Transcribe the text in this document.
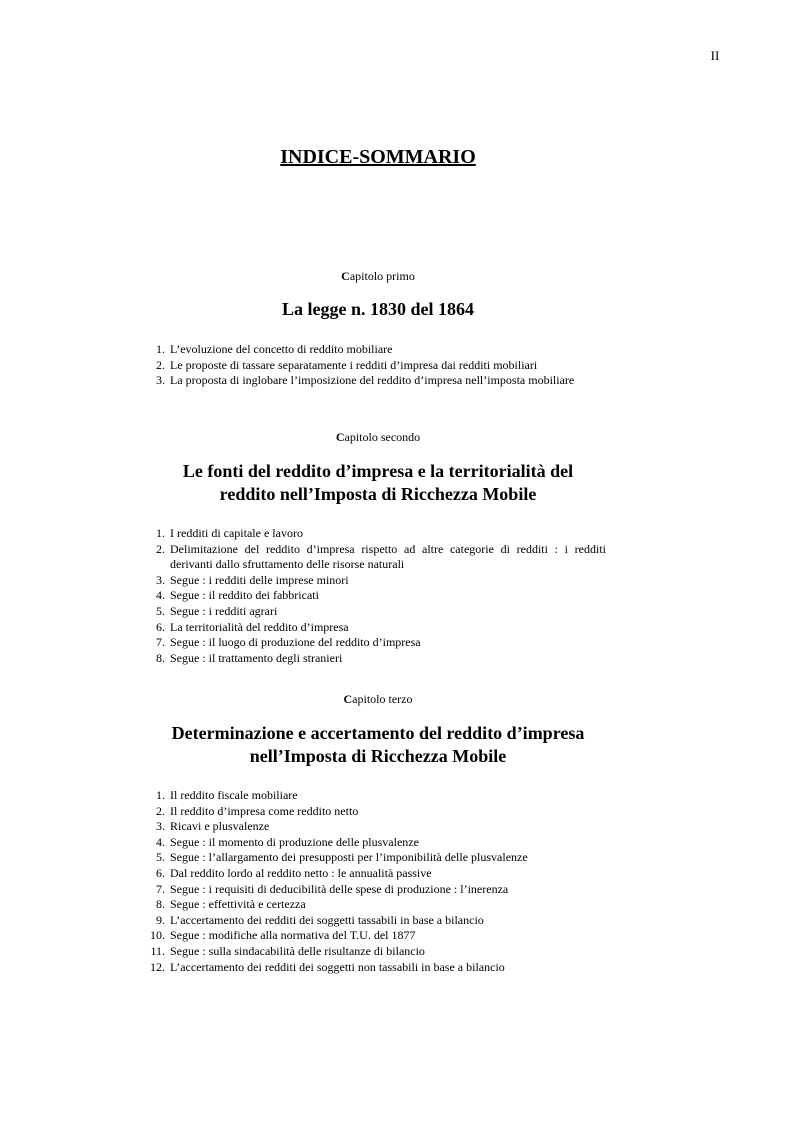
II
INDICE-SOMMARIO
Capitolo primo
La legge n. 1830 del 1864
1. L’evoluzione del concetto di reddito mobiliare
2. Le proposte di tassare separatamente i redditi d’impresa dai redditi mobiliari
3. La proposta di inglobare l’imposizione del reddito d’impresa nell’imposta mobiliare
Capitolo secondo
Le fonti del reddito d’impresa e la territorialità del
reddito nell’Imposta di Ricchezza Mobile
1. I redditi di capitale e lavoro
2. Delimitazione del reddito d’impresa rispetto ad altre categorie di redditi : i redditi derivanti dallo sfruttamento delle risorse naturali
3. Segue : i redditi delle imprese minori
4. Segue : il reddito dei fabbricati
5. Segue : i redditi agrari
6. La territorialità del reddito d’impresa
7. Segue : il luogo di produzione del reddito d’impresa
8. Segue : il trattamento degli stranieri
Capitolo terzo
Determinazione e accertamento del reddito d’impresa
nell’Imposta di Ricchezza Mobile
1. Il reddito fiscale mobiliare
2. Il reddito d’impresa come reddito netto
3. Ricavi e plusvalenze
4. Segue : il momento di produzione delle plusvalenze
5. Segue : l’allargamento dei presupposti per l’imponibilità delle plusvalenze
6. Dal reddito lordo al reddito netto : le annualità passive
7. Segue : i requisiti di deducibilità delle spese di produzione : l’inerenza
8. Segue : effettività e certezza
9. L’accertamento dei redditi dei soggetti tassabili in base a bilancio
10. Segue : modifiche alla normativa del T.U. del 1877
11. Segue : sulla sindacabilità delle risultanze di bilancio
12. L’accertamento dei redditi dei soggetti non tassabili in base a bilancio
